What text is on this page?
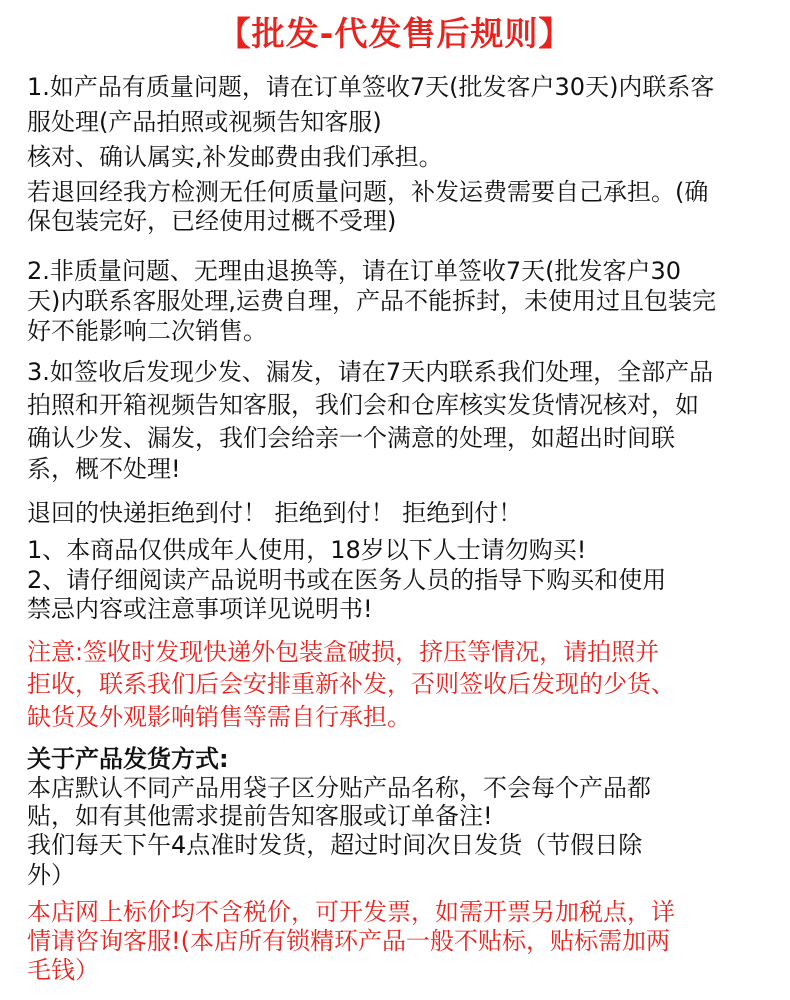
【批发-代发售后规则】
1.如产品有质量问题，请在订单签收7天(批发客户30天)内联系客
服处理(产品拍照或视频告知客服)
核对、确认属实,补发邮费由我们承担。
若退回经我方检测无任何质量问题，补发运费需要自己承担。(确
保包装完好，已经使用过概不受理)
2.非质量问题、无理由退换等，请在订单签收7天(批发客户30
天)内联系客服处理,运费自理，产品不能拆封，未使用过且包装完
好不能影响二次销售。
3.如签收后发现少发、漏发，请在7天内联系我们处理，全部产品
拍照和开箱视频告知客服，我们会和仓库核实发货情况核对，如
确认少发、漏发，我们会给亲一个满意的处理，如超出时间联
系，概不处理!
退回的快递拒绝到付！ 拒绝到付！ 拒绝到付！
1、本商品仅供成年人使用，18岁以下人士请勿购买!
2、请仔细阅读产品说明书或在医务人员的指导下购买和使用
禁忌内容或注意事项详见说明书!
注意:签收时发现快递外包装盒破损，挤压等情况，请拍照并
拒收，联系我们后会安排重新补发，否则签收后发现的少货、
缺货及外观影响销售等需自行承担。
关于产品发货方式:
本店默认不同产品用袋子区分贴产品名称，不会每个产品都
贴，如有其他需求提前告知客服或订单备注!
我们每天下午4点准时发货，超过时间次日发货（节假日除
外）
本店网上标价均不含税价，可开发票，如需开票另加税点，详
情请咨询客服!(本店所有锁精环产品一般不贴标，贴标需加两
毛钱）
